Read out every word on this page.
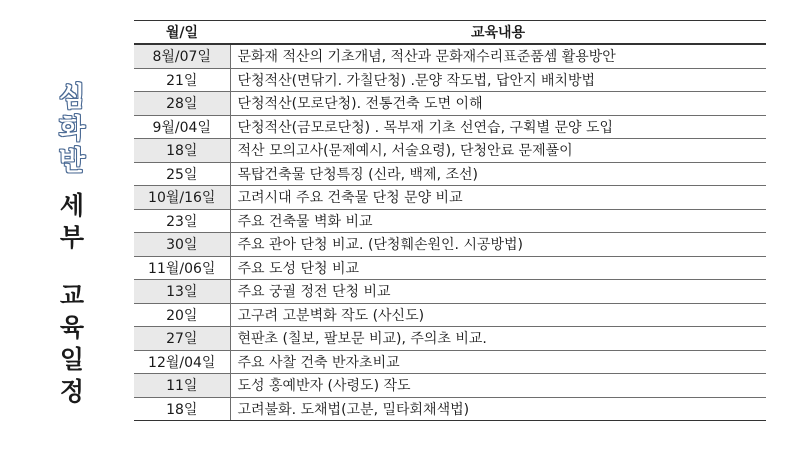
심
화
반
세
부
교
육
일
정
월/일	교육내용
8월/07일	문화재 적산의 기초개념, 적산과 문화재수리표준품셈 활용방안
21일	단청적산(면닦기. 가칠단청) .문양 작도법, 답안지 배치방법
28일	단청적산(모로단청). 전통건축 도면 이해
9월/04일	단청적산(금모로단청) . 목부재 기초 선연습, 구획별 문양 도입
18일	적산 모의고사(문제예시, 서술요령), 단청안료 문제풀이
25일	목탑건축물 단청특징 (신라, 백제, 조선)
10월/16일	고려시대 주요 건축물 단청 문양 비교
23일	주요 건축물 벽화 비교
30일	주요 관아 단청 비교. (단청훼손원인. 시공방법)
11월/06일	주요 도성 단청 비교
13일	주요 궁궐 정전 단청 비교
20일	고구려 고분벽화 작도 (사신도)
27일	현판초 (칠보, 팔보문 비교), 주의초 비교.
12월/04일	주요 사찰 건축 반자초비교
11일	도성 홍예반자 (사령도) 작도
18일	고려불화. 도채법(고분, 밀타회채색법)
